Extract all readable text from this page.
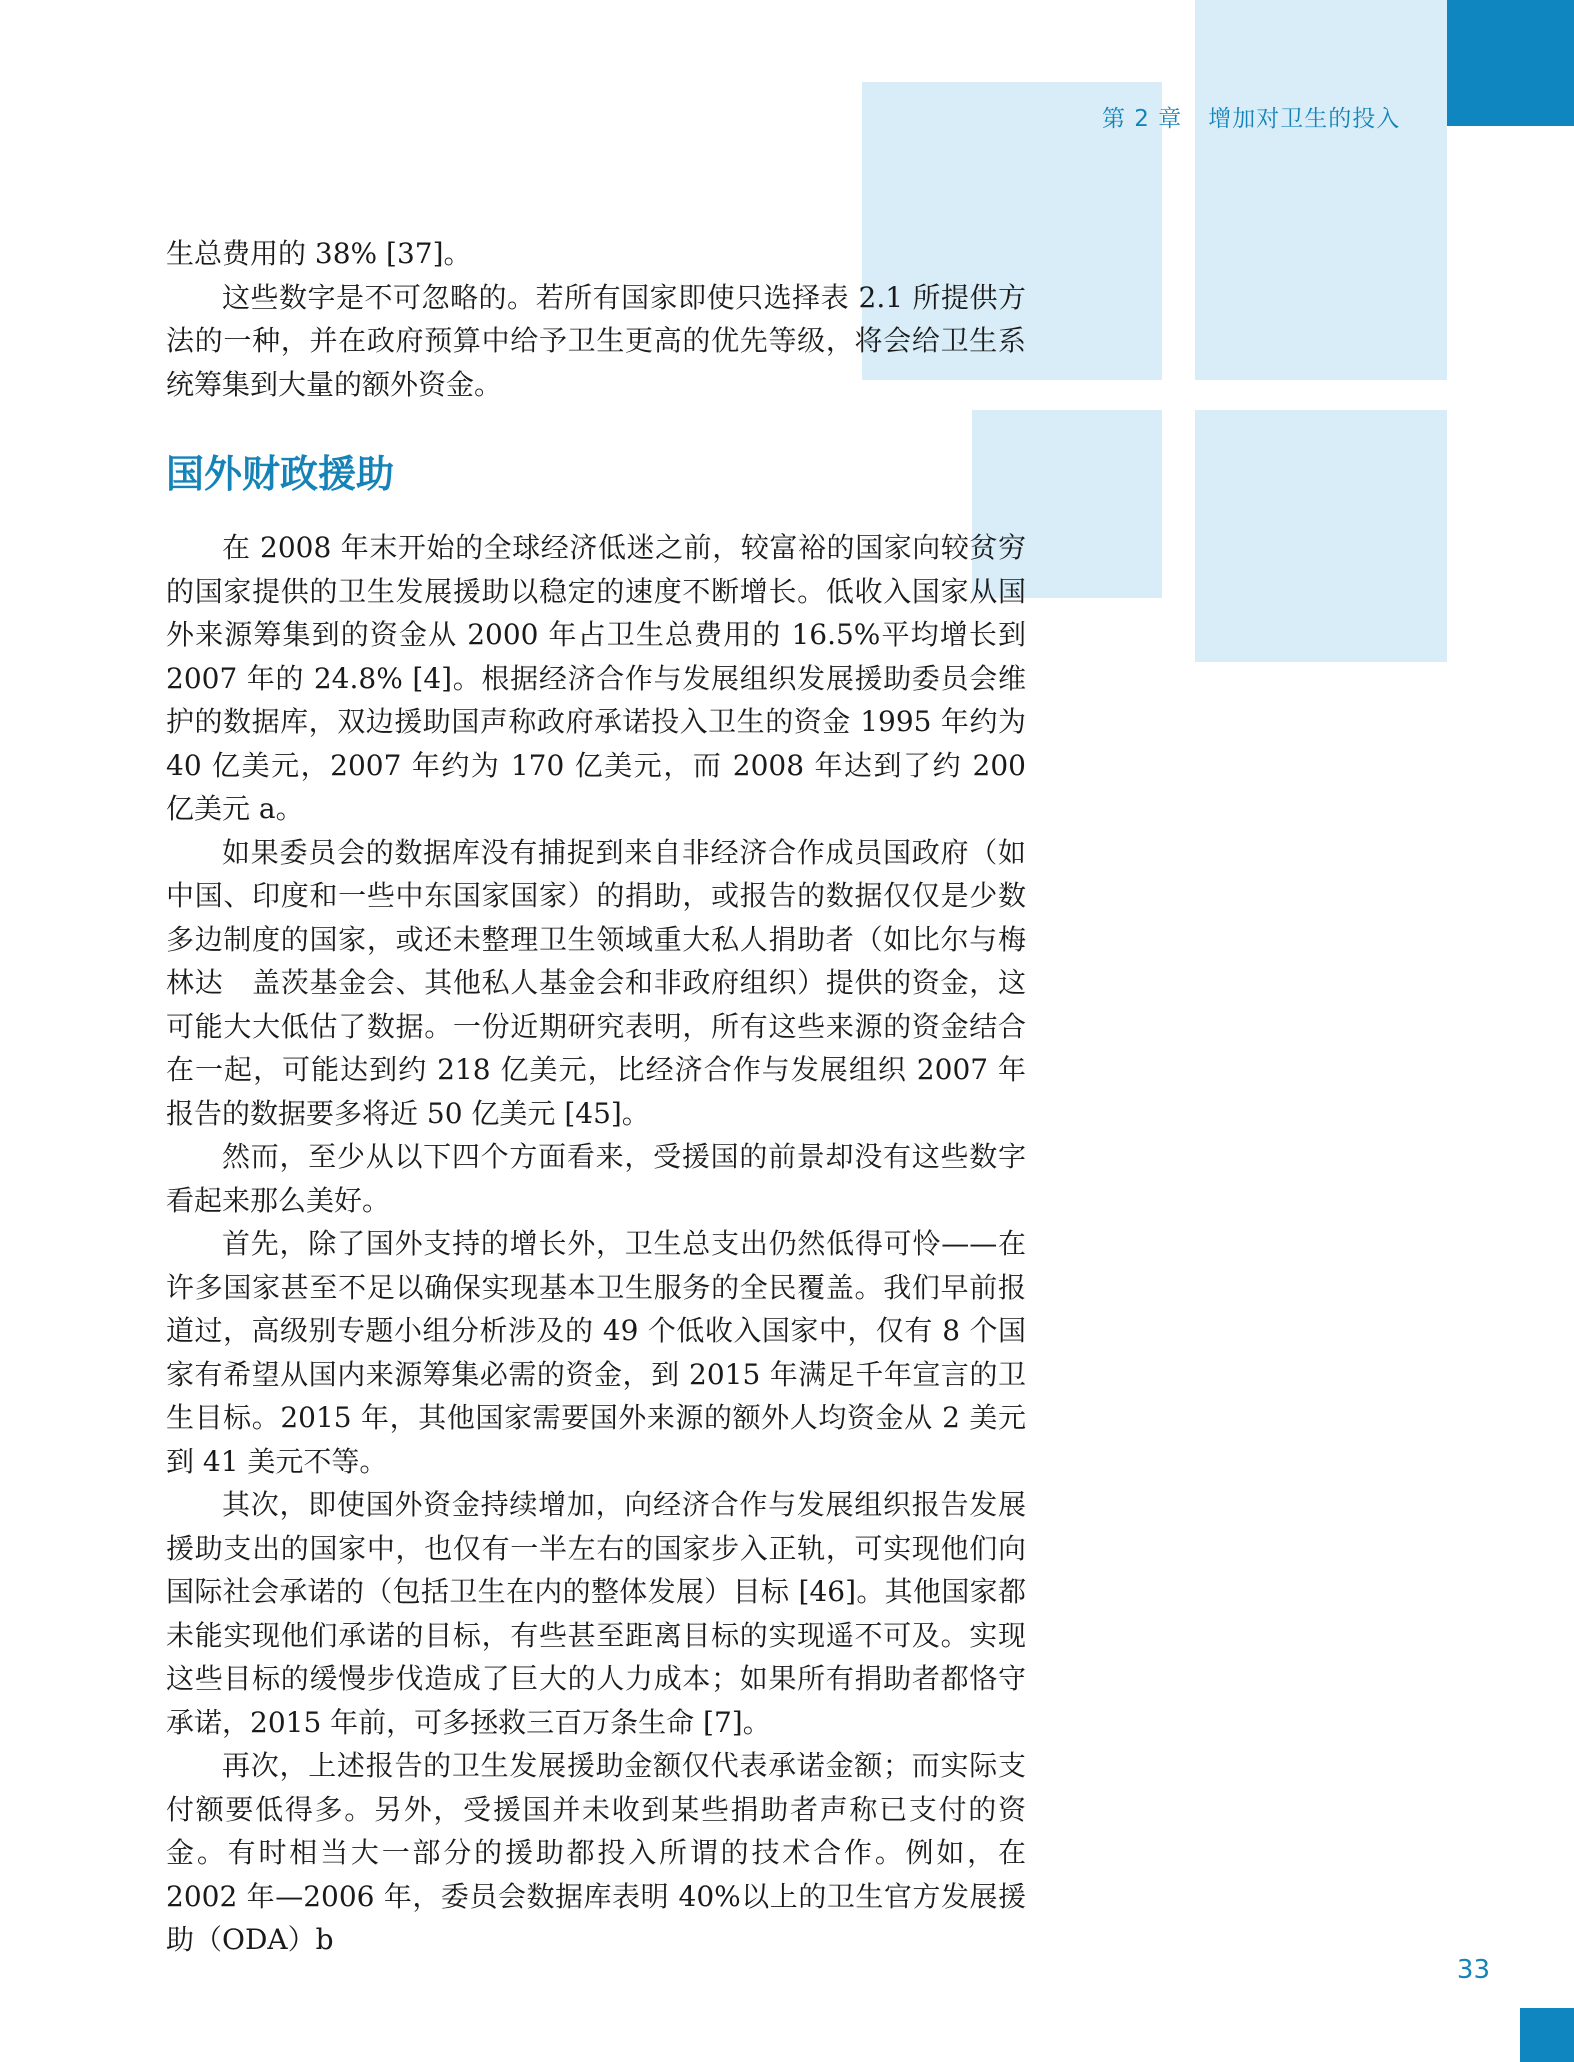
第 2 章 增加对卫生的投入

生总费用的 38% [37]。

这些数字是不可忽略的。若所有国家即使只选择表 2.1 所提供方法的一种，并在政府预算中给予卫生更高的优先等级，将会给卫生系统筹集到大量的额外资金。

国外财政援助

在 2008 年末开始的全球经济低迷之前，较富裕的国家向较贫穷的国家提供的卫生发展援助以稳定的速度不断增长。低收入国家从国外来源筹集到的资金从 2000 年占卫生总费用的 16.5%平均增长到 2007 年的 24.8% [4]。根据经济合作与发展组织发展援助委员会维护的数据库，双边援助国声称政府承诺投入卫生的资金 1995 年约为 40 亿美元，2007 年约为 170 亿美元，而 2008 年达到了约 200 亿美元 a。

如果委员会的数据库没有捕捉到来自非经济合作成员国政府（如中国、印度和一些中东国家国家）的捐助，或报告的数据仅仅是少数多边制度的国家，或还未整理卫生领域重大私人捐助者（如比尔与梅林达　盖茨基金会、其他私人基金会和非政府组织）提供的资金，这可能大大低估了数据。一份近期研究表明，所有这些来源的资金结合在一起，可能达到约 218 亿美元，比经济合作与发展组织 2007 年报告的数据要多将近 50 亿美元 [45]。

然而，至少从以下四个方面看来，受援国的前景却没有这些数字看起来那么美好。

首先，除了国外支持的增长外，卫生总支出仍然低得可怜——在许多国家甚至不足以确保实现基本卫生服务的全民覆盖。我们早前报道过，高级别专题小组分析涉及的 49 个低收入国家中，仅有 8 个国家有希望从国内来源筹集必需的资金，到 2015 年满足千年宣言的卫生目标。2015 年，其他国家需要国外来源的额外人均资金从 2 美元到 41 美元不等。

其次，即使国外资金持续增加，向经济合作与发展组织报告发展援助支出的国家中，也仅有一半左右的国家步入正轨，可实现他们向国际社会承诺的（包括卫生在内的整体发展）目标 [46]。其他国家都未能实现他们承诺的目标，有些甚至距离目标的实现遥不可及。实现这些目标的缓慢步伐造成了巨大的人力成本；如果所有捐助者都恪守承诺，2015 年前，可多拯救三百万条生命 [7]。

再次，上述报告的卫生发展援助金额仅代表承诺金额；而实际支付额要低得多。另外，受援国并未收到某些捐助者声称已支付的资金。有时相当大一部分的援助都投入所谓的技术合作。例如，在 2002 年—2006 年，委员会数据库表明 40%以上的卫生官方发展援助（ODA）b

33
